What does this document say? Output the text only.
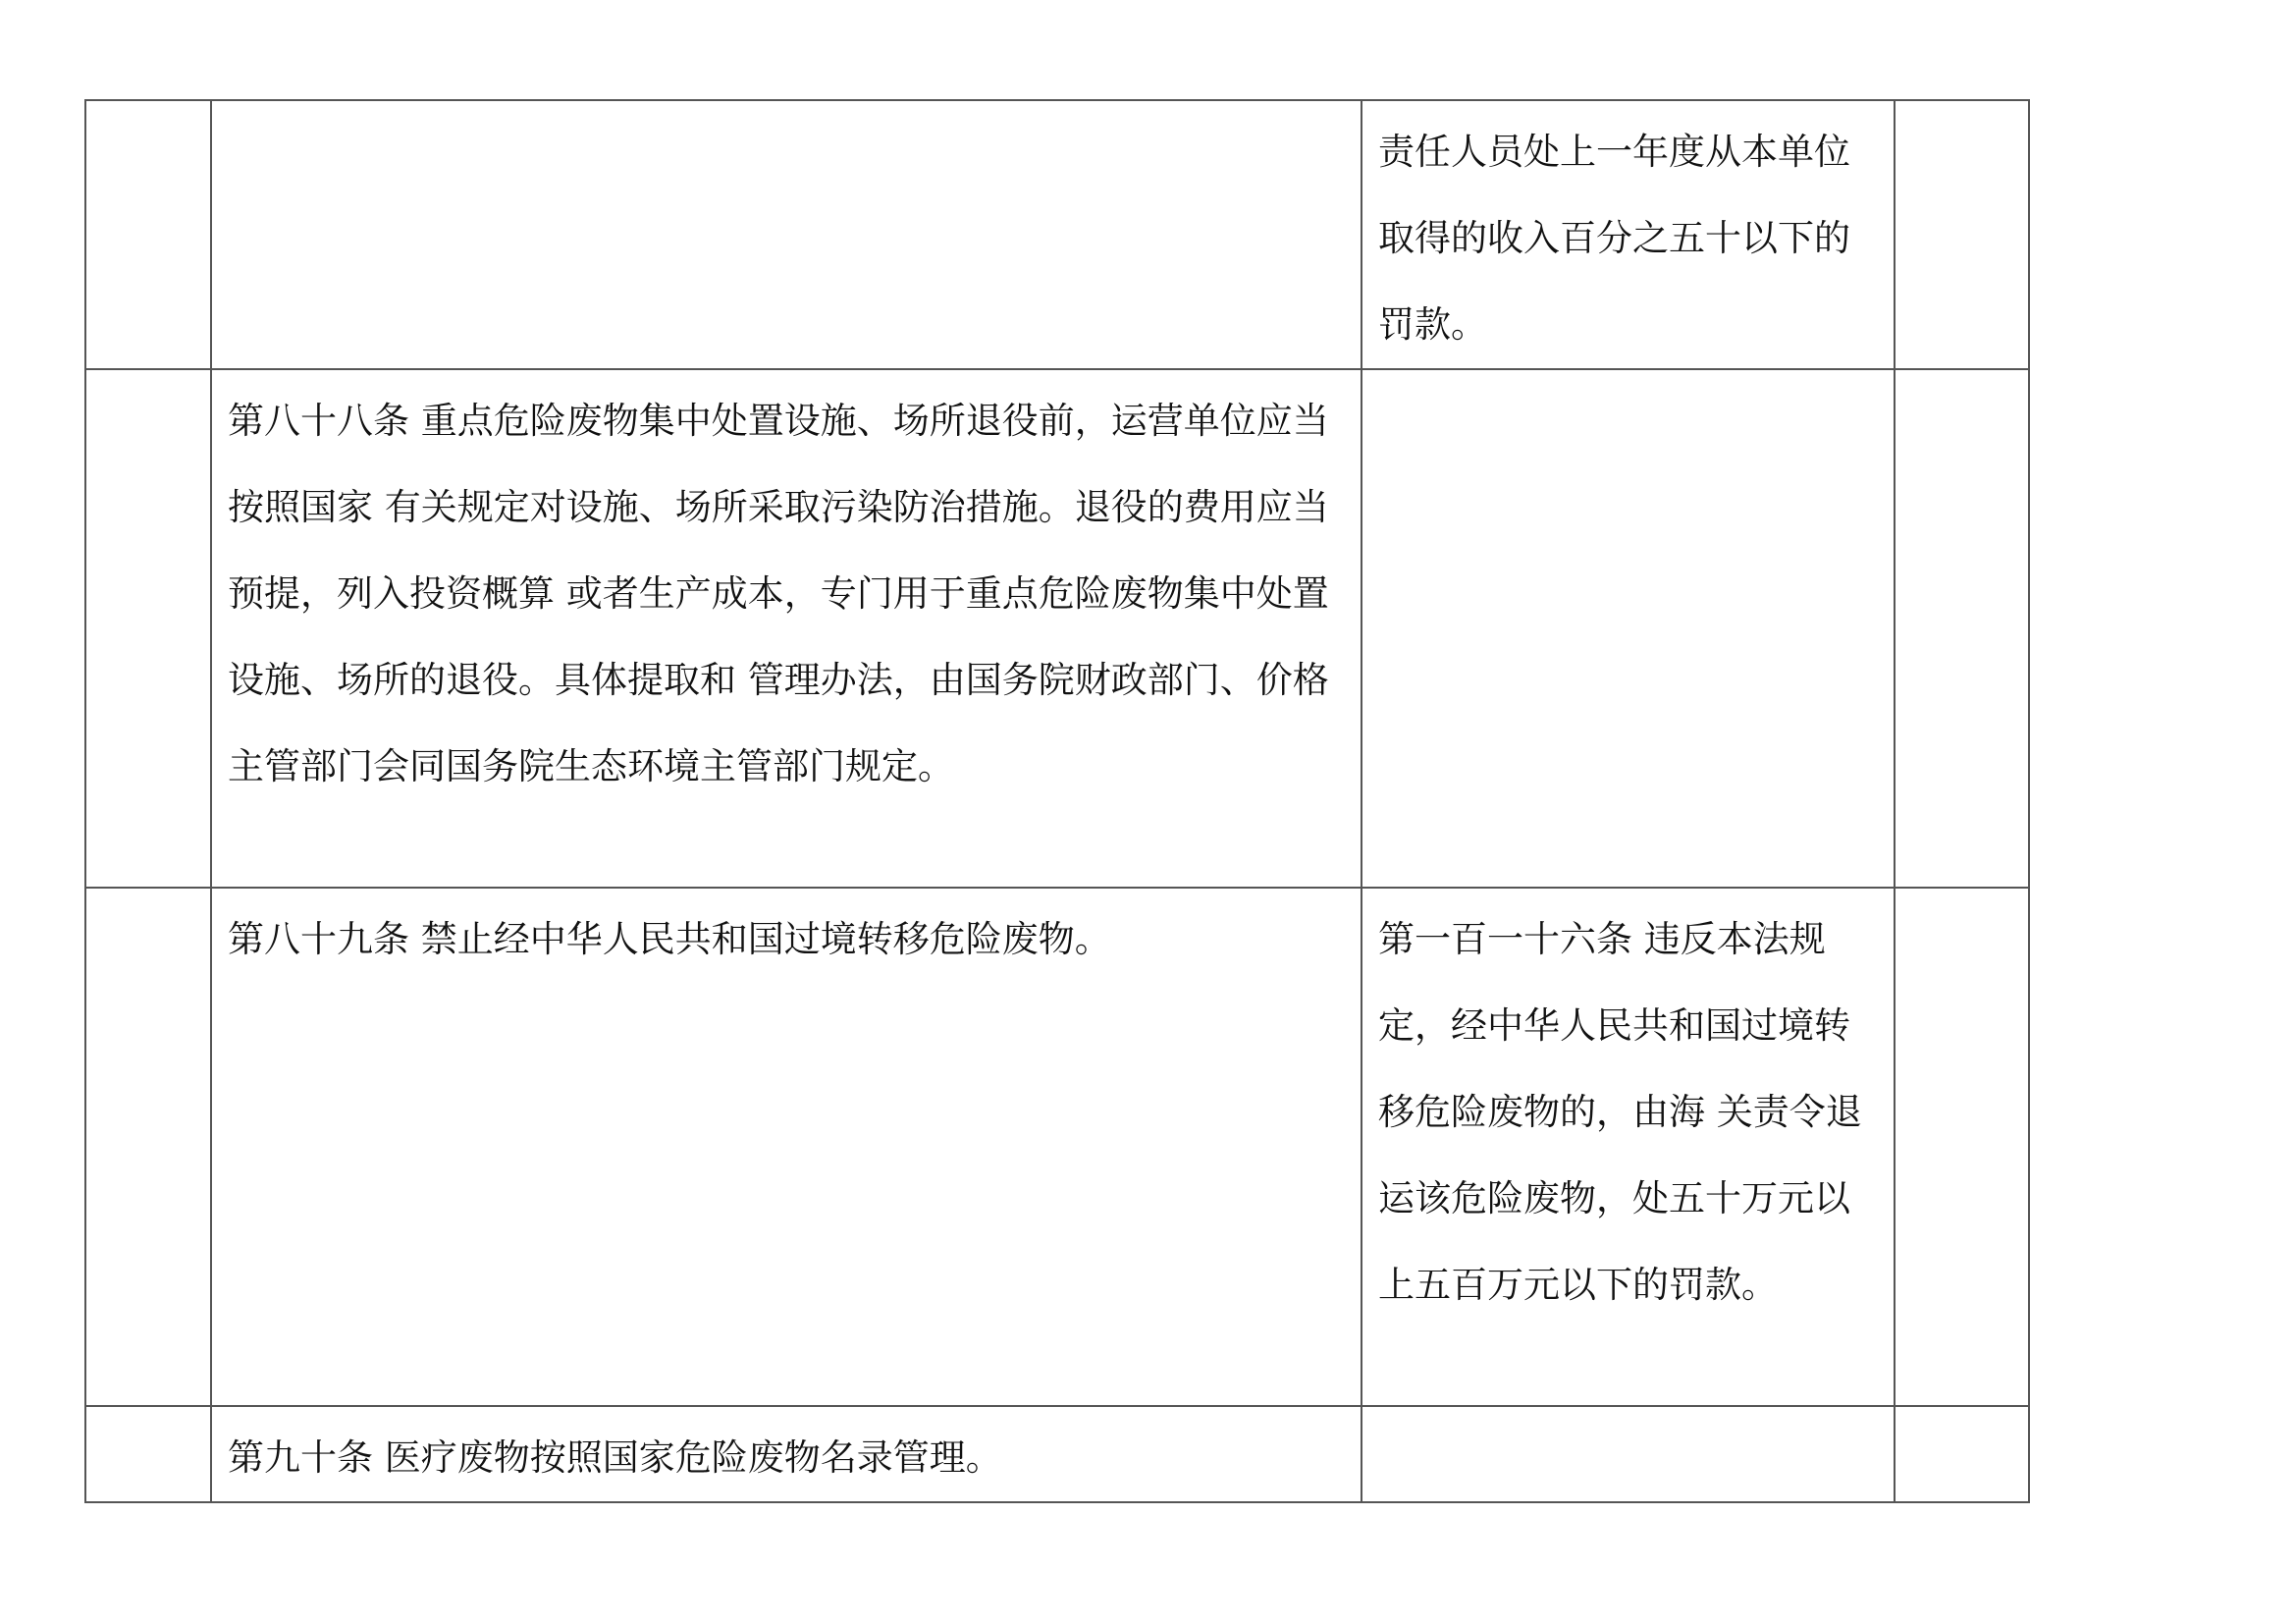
		责任人员处上一年度从本单位取得的收入百分之五十以下的罚款。	

	第八十八条 重点危险废物集中处置设施、场所退役前，运营单位应当按照国家 有关规定对设施、场所采取污染防治措施。退役的费用应当预提，列入投资概算 或者生产成本，专门用于重点危险废物集中处置设施、场所的退役。具体提取和 管理办法，由国务院财政部门、价格主管部门会同国务院生态环境主管部门规定。		

	第八十九条 禁止经中华人民共和国过境转移危险废物。	第一百一十六条 违反本法规定，经中华人民共和国过境转移危险废物的，由海 关责令退运该危险废物，处五十万元以上五百万元以下的罚款。	

	第九十条 医疗废物按照国家危险废物名录管理。		
